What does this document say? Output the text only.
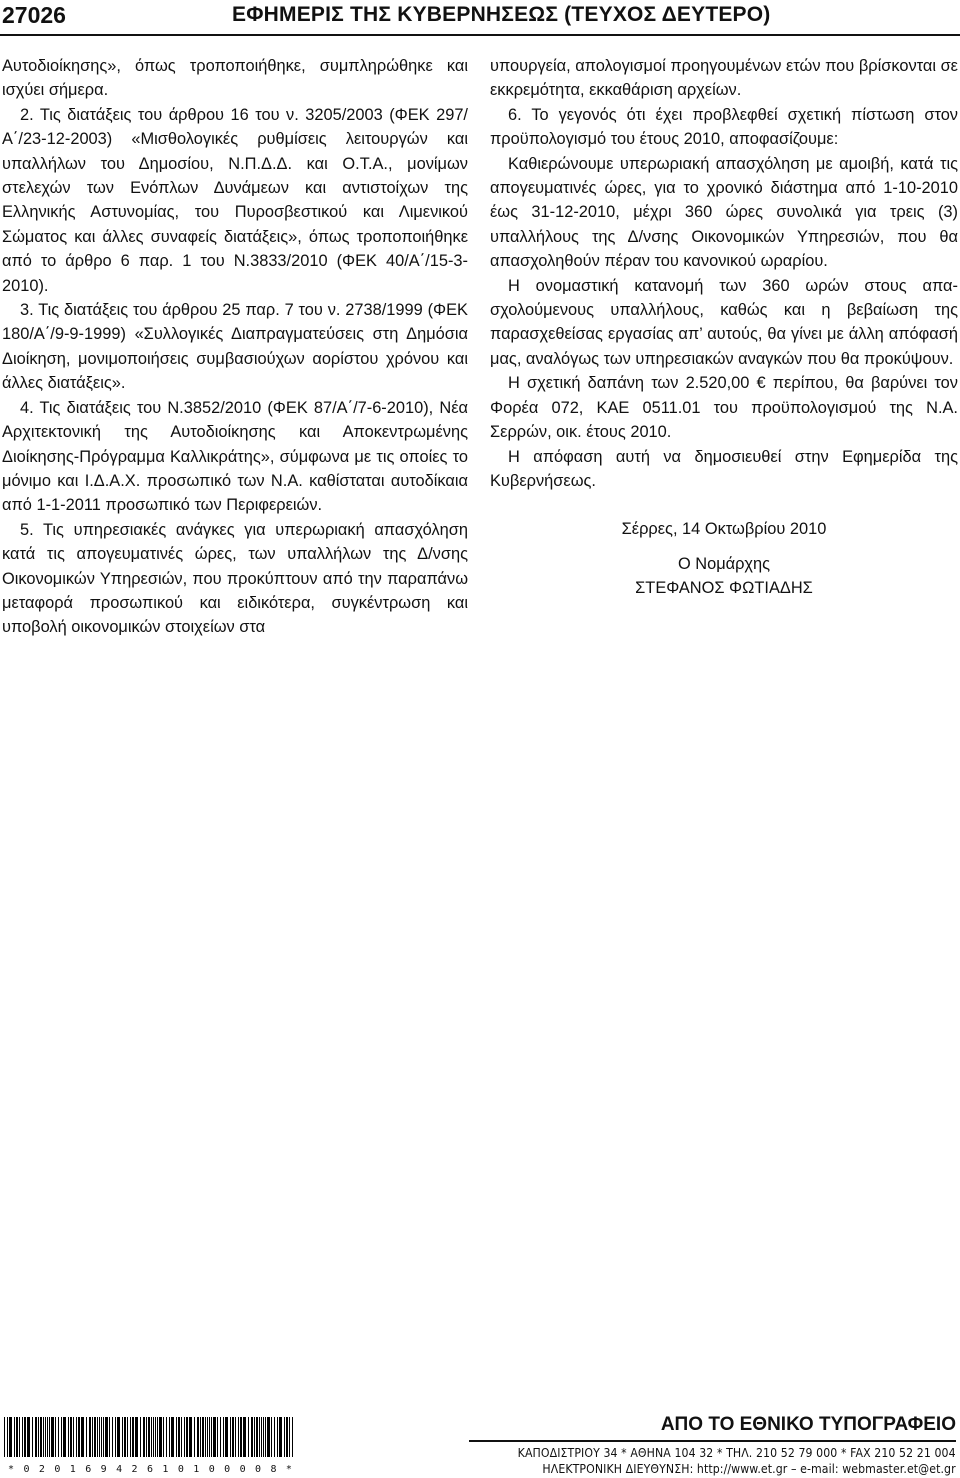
27026	ΕΦΗΜΕΡΙΣ ΤΗΣ ΚΥΒΕΡΝΗΣΕΩΣ (ΤΕΥΧΟΣ ΔΕΥΤΕΡΟ)

Αυτοδιοίκησης», όπως τροποποιήθηκε, συμπληρώθηκε και ισχύει σήμερα.

2. Τις διατάξεις του άρθρου 16 του ν. 3205/2003 (ΦΕΚ 297/Α΄/23-12-2003) «Μισθολογικές ρυθμίσεις λειτουργών και υπαλλήλων του Δημοσίου, Ν.Π.Δ.Δ. και Ο.Τ.Α., μονίμων στελεχών των Ενόπλων Δυνάμεων και αντιστοίχων της Ελληνικής Αστυνομίας, του Πυροσβεστικού και Λιμενικού Σώματος και άλλες συναφείς διατάξεις», όπως τροποποιήθηκε από το άρθρο 6 παρ. 1 του Ν.3833/2010 (ΦΕΚ 40/Α΄/15-3-2010).

3. Τις διατάξεις του άρθρου 25 παρ. 7 του ν. 2738/1999 (ΦΕΚ 180/Α΄/9-9-1999) «Συλλογικές Διαπραγματεύσεις στη Δημόσια Διοίκηση, μονιμοποιήσεις συμβασιούχων αορίστου χρόνου και άλλες διατάξεις».

4. Τις διατάξεις του Ν.3852/2010 (ΦΕΚ 87/Α΄/7-6-2010), Νέα Αρχιτεκτονική της Αυτοδιοίκησης και Αποκεντρωμένης Διοίκησης-Πρόγραμμα Καλλικράτης», σύμφωνα με τις οποίες το μόνιμο και Ι.Δ.Α.Χ. προσωπικό των Ν.Α. καθίσταται αυτοδίκαια από 1-1-2011 προσωπικό των Περιφερειών.

5. Τις υπηρεσιακές ανάγκες για υπερωριακή απασχόληση κατά τις απογευματινές ώρες, των υπαλλήλων της Δ/νσης Οικονομικών Υπηρεσιών, που προκύπτουν από την παραπάνω μεταφορά προσωπικού και ειδικότερα, συγκέντρωση και υποβολή οικονομικών στοιχείων στα

υπουργεία, απολογισμοί προηγουμένων ετών που βρίσκονται σε εκκρεμότητα, εκκαθάριση αρχείων.

6. Το γεγονός ότι έχει προβλεφθεί σχετική πίστωση στον προϋπολογισμό του έτους 2010, αποφασίζουμε:

Καθιερώνουμε υπερωριακή απασχόληση με αμοιβή, κατά τις απογευματινές ώρες, για το χρονικό διάστημα από 1-10-2010 έως 31-12-2010, μέχρι 360 ώρες συνολικά για τρεις (3) υπαλλήλους της Δ/νσης Οικονομικών Υπηρεσιών, που θα απασχοληθούν πέραν του κανονικού ωραρίου.

Η ονομαστική κατανομή των 360 ωρών στους απασχολούμενους υπαλλήλους, καθώς και η βεβαίωση της παρασχεθείσας εργασίας απ’ αυτούς, θα γίνει με άλλη απόφασή μας, αναλόγως των υπηρεσιακών αναγκών που θα προκύψουν.

Η σχετική δαπάνη των 2.520,00 € περίπου, θα βαρύνει τον Φορέα 072, ΚΑΕ 0511.01 του προϋπολογισμού της Ν.Α. Σερρών, οικ. έτους 2010.

Η απόφαση αυτή να δημοσιευθεί στην Εφημερίδα της Κυβερνήσεως.

Σέρρες, 14 Οκτωβρίου 2010
Ο Νομάρχης
ΣΤΕΦΑΝΟΣ ΦΩΤΙΑΔΗΣ
* 0 2 0 1 6 9 4 2 6 1 0 1 0 0 0 0 8 *
ΑΠΟ ΤΟ ΕΘΝΙΚΟ ΤΥΠΟΓΡΑΦΕΙΟ
ΚΑΠΟΔΙΣΤΡΙΟΥ 34 * ΑΘΗΝΑ 104 32 * ΤΗΛ. 210 52 79 000 * FAX 210 52 21 004
ΗΛΕΚΤΡΟΝΙΚΗ ΔΙΕΥΘΥΝΣΗ: http://www.et.gr – e-mail: webmaster.et@et.gr
